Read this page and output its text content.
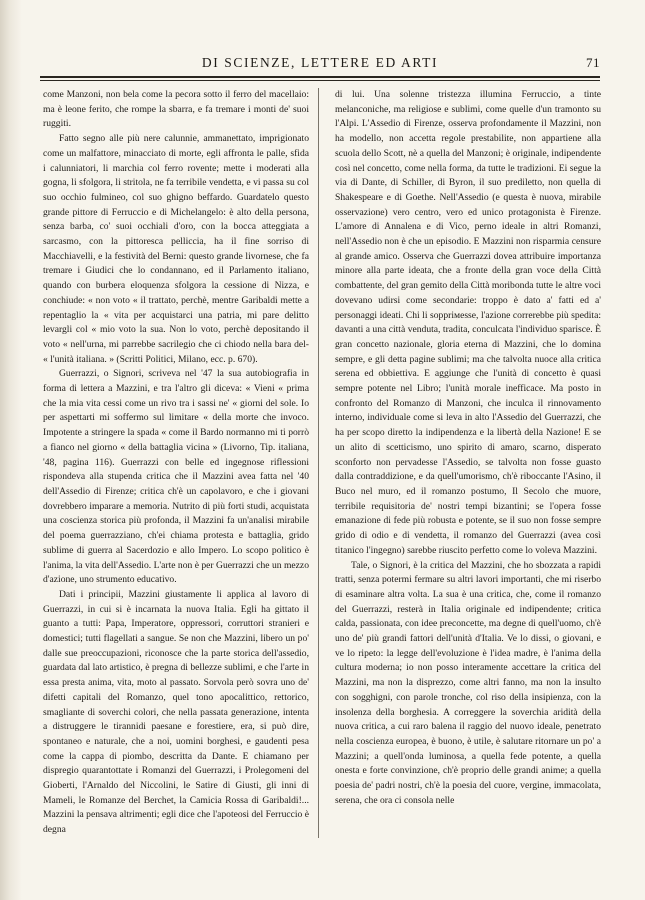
DI SCIENZE, LETTERE ED ARTI	71

come Manzoni, non bela come la pecora sotto il ferro del macellaio: ma è leone ferito, che rompe la sbarra, e fa tremare i monti de' suoi ruggiti.

Fatto segno alle più nere calunnie, ammanettato, imprigionato come un malfattore, minacciato di morte, egli affronta le palle, sfida i calunniatori, li marchia col ferro rovente; mette i moderati alla gogna, li sfolgora, li stritola, ne fa terribile vendetta, e vi passa su col suo occhio fulmineo, col suo ghigno beffardo. Guardatelo questo grande pittore di Ferruccio e di Michelangelo: è alto della persona, senza barba, co' suoi occhiali d'oro, con la bocca atteggiata a sarcasmo, con la pittoresca pelliccia, ha il fine sorriso di Macchiavelli, e la festività del Berni: questo grande livornese, che fa tremare i Giudici che lo condannano, ed il Parlamento italiano, quando con burbera eloquenza sfolgora la cessione di Nizza, e conchiude: « non voto « il trattato, perchè, mentre Garibaldi mette a repentaglio la « vita per acquistarci una patria, mi pare delitto levargli col « mio voto la sua. Non lo voto, perchè depositando il voto « nell'urna, mi parrebbe sacrilegio che ci chiodo nella bara del- « l'unità italiana. » (Scritti Politici, Milano, ecc. p. 670).

Guerrazzi, o Signori, scriveva nel '47 la sua autobiografia in forma di lettera a Mazzini, e tra l'altro gli diceva: « Vieni « prima che la mia vita cessi come un rivo tra i sassi ne' « giorni del sole. Io per aspettarti mi soffermo sul limitare « della morte che invoco. Impotente a stringere la spada « come il Bardo normanno mi ti porrò a fianco nel giorno « della battaglia vicina » (Livorno, Tip. italiana, '48, pagina 116). Guerrazzi con belle ed ingegnose riflessioni rispondeva alla stupenda critica che il Mazzini avea fatta nel '40 dell'Assedio di Firenze; critica ch'è un capolavoro, e che i giovani dovrebbero imparare a memoria. Nutrito di più forti studi, acquistata una coscienza storica più profonda, il Mazzini fa un'analisi mirabile del poema guerrazziano, ch'ei chiama protesta e battaglia, grido sublime di guerra al Sacerdozio e allo Impero. Lo scopo politico è l'anima, la vita dell'Assedio. L'arte non è per Guerrazzi che un mezzo d'azione, uno strumento educativo.

Dati i principii, Mazzini giustamente li applica al lavoro di Guerrazzi, in cui si è incarnata la nuova Italia. Egli ha gittato il guanto a tutti: Papa, Imperatore, oppressori, corruttori stranieri e domestici; tutti flagellati a sangue. Se non che Mazzini, libero un po' dalle sue preoccupazioni, riconosce che la parte storica dell'assedio, guardata dal lato artistico, è pregna di bellezze sublimi, e che l'arte in essa presta anima, vita, moto al passato. Sorvola però sovra uno de' difetti capitali del Romanzo, quel tono apocalittico, rettorico, smagliante di soverchi colori, che nella passata generazione, intenta a distruggere le tirannidi paesane e forestiere, era, si può dire, spontaneo e naturale, che a noi, uomini borghesi, e gaudenti pesa come la cappa di piombo, descritta da Dante. E chiamano per dispregio quarantottate i Romanzi del Guerrazzi, i Prolegomeni del Gioberti, l'Arnaldo del Niccolini, le Satire di Giusti, gli inni di Mameli, le Romanze del Berchet, la Camicia Rossa di Garibaldi!... Mazzini la pensava altrimenti; egli dice che l'apoteosi del Ferruccio è degna

di lui. Una solenne tristezza illumina Ferruccio, a tinte melanconiche, ma religiose e sublimi, come quelle d'un tramonto su l'Alpi. L'Assedio di Firenze, osserva profondamente il Mazzini, non ha modello, non accetta regole prestabilite, non appartiene alla scuola dello Scott, nè a quella del Manzoni; è originale, indipendente così nel concetto, come nella forma, da tutte le tradizioni. Ei segue la via di Dante, di Schiller, di Byron, il suo prediletto, non quella di Shakespeare e di Goethe. Nell'Assedio (e questa è nuova, mirabile osservazione) vero centro, vero ed unico protagonista è Firenze. L'amore di Annalena e di Vico, perno ideale in altri Romanzi, nell'Assedio non è che un episodio. E Mazzini non risparmia censure al grande amico. Osserva che Guerrazzi dovea attribuire importanza minore alla parte ideata, che a fronte della gran voce della Città combattente, del gran gemito della Città moribonda tutte le altre voci dovevano udirsi come secondarie: troppo è dato a' fatti ed a' personaggi ideati. Chi li soppriмesse, l'azione correrebbe più spedita: davanti a una città venduta, tradita, conculcata l'individuo sparisce. È gran concetto nazionale, gloria eterna di Mazzini, che lo domina sempre, e gli detta pagine sublimi; ma che talvolta nuoce alla critica serena ed obbiettiva. E aggiunge che l'unità di concetto è quasi sempre potente nel Libro; l'unità morale inefficace. Ma posto in confronto del Romanzo di Manzoni, che inculca il rinnovamento interno, individuale come si leva in alto l'Assedio del Guerrazzi, che ha per scopo diretto la indipendenza e la libertà della Nazione! E se un alito di scetticismo, uno spirito di amaro, scarno, disperato sconforto non pervadesse l'Assedio, se talvolta non fosse guasto dalla contraddizione, e da quell'umorismo, ch'è riboccante l'Asino, il Buco nel muro, ed il romanzo postumo, Il Secolo che muore, terribile requisitoria de' nostri tempi bizantini; se l'opera fosse emanazione di fede più robusta e potente, se il suo non fosse sempre grido di odio e di vendetta, il romanzo del Guerrazzi (avea così titanico l'ingegno) sarebbe riuscito perfetto come lo voleva Mazzini.

Tale, o Signori, è la critica del Mazzini, che ho sbozzata a rapidi tratti, senza potermi fermare su altri lavori importanti, che mi riserbo di esaminare altra volta. La sua è una critica, che, come il romanzo del Guerrazzi, resterà in Italia originale ed indipendente; critica calda, passionata, con idee preconcette, ma degne di quell'uomo, ch'è uno de' più grandi fattori dell'unità d'Italia. Ve lo dissi, o giovani, e ve lo ripeto: la legge dell'evoluzione è l'idea madre, è l'anima della cultura moderna; io non posso interamente accettare la critica del Mazzini, ma non la disprezzo, come altri fanno, ma non la insulto con sogghigni, con parole tronche, col riso della insipienza, con la insolenza della borghesia. A correggere la soverchia aridità della nuova critica, a cui raro balena il raggio del nuovo ideale, penetrato nella coscienza europea, è buono, è utile, è salutare ritornare un po' a Mazzini; a quell'onda luminosa, a quella fede potente, a quella onesta e forte convinzione, ch'è proprio delle grandi anime; a quella poesia de' padri nostri, ch'è la poesia del cuore, vergine, immacolata, serena, che ora ci consola nelle
